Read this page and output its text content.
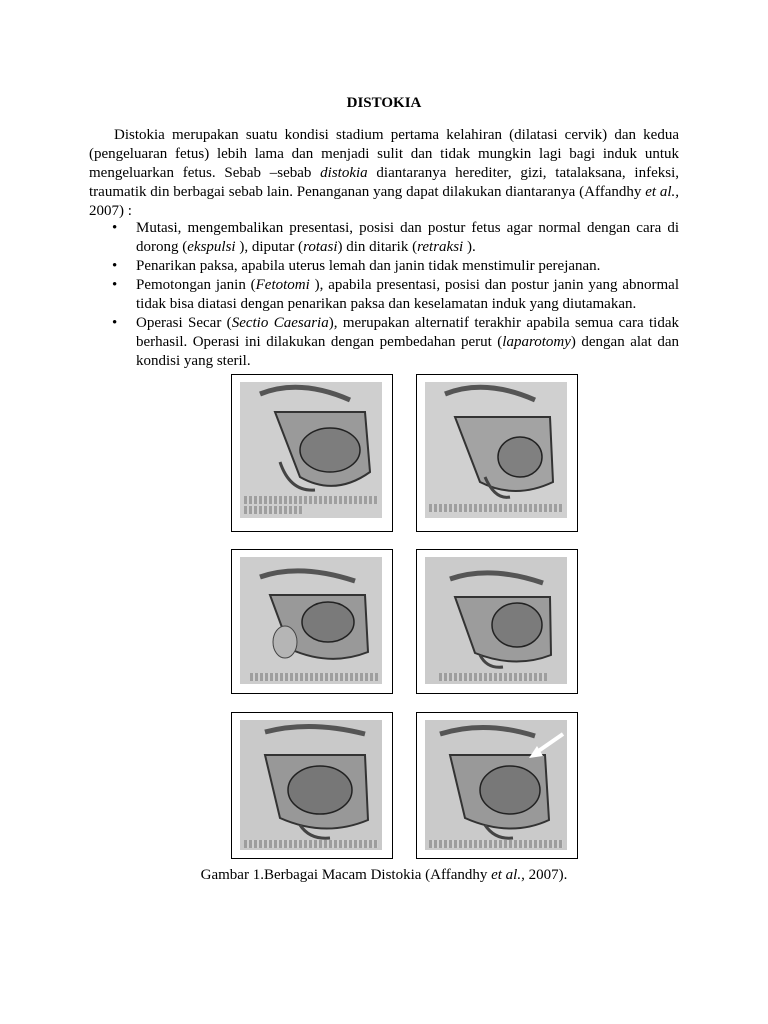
DISTOKIA
Distokia merupakan suatu kondisi stadium pertama kelahiran (dilatasi cervik) dan kedua (pengeluaran fetus) lebih lama dan menjadi sulit dan tidak mungkin lagi bagi induk untuk mengeluarkan fetus. Sebab –sebab distokia diantaranya herediter, gizi, tatalaksana, infeksi, traumatik din berbagai sebab lain. Penanganan yang dapat dilakukan diantaranya (Affandhy et al., 2007) :
• Mutasi, mengembalikan presentasi, posisi dan postur fetus agar normal dengan cara di dorong (ekspulsi ), diputar (rotasi) din ditarik (retraksi ).
• Penarikan paksa, apabila uterus lemah dan janin tidak menstimulir perejanan.
• Pemotongan janin (Fetotomi ), apabila presentasi, posisi dan postur janin yang abnormal tidak bisa diatasi dengan penarikan paksa dan keselamatan induk yang diutamakan.
• Operasi Secar (Sectio Caesaria), merupakan alternatif terakhir apabila semua cara tidak berhasil. Operasi ini dilakukan dengan pembedahan perut (laparotomy) dengan alat dan kondisi yang steril.
Gambar 1.Berbagai Macam Distokia (Affandhy et al., 2007).
